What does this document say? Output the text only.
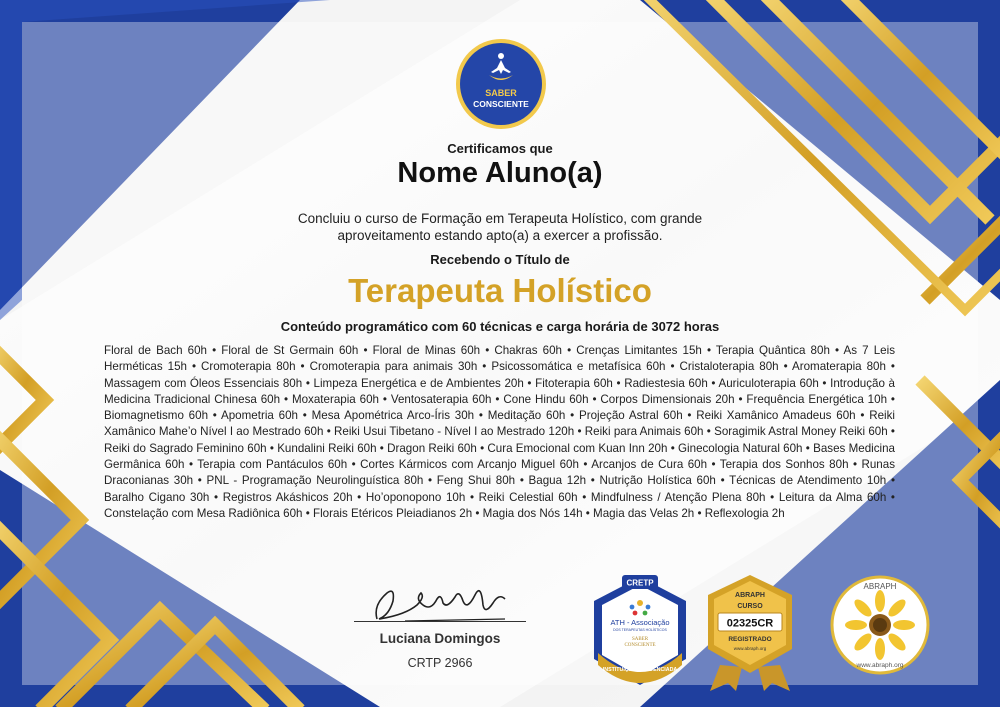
SABER
CONSCIENTE
Certificamos que
Nome Aluno(a)
Concluiu o curso de Formação em Terapeuta Holístico, com grande
aproveitamento estando apto(a) a exercer a profissão.
Recebendo o Título de
Terapeuta Holístico
Conteúdo programático com 60 técnicas e carga horária de 3072 horas
Floral de Bach 60h • Floral de St Germain 60h • Floral de Minas 60h • Chakras 60h • Crenças Limitantes 15h • Terapia Quântica 80h • As 7 Leis Herméticas 15h • Cromoterapia 80h • Cromoterapia para animais 30h • Psicossomática e metafísica 60h • Cristaloterapia 80h • Aromaterapia 80h • Massagem com Óleos Essenciais 80h • Limpeza Energética e de Ambientes 20h • Fitoterapia 60h • Radiestesia 60h • Auriculoterapia 60h • Introdução à Medicina Tradicional Chinesa 60h • Moxaterapia 60h • Ventosaterapia 60h • Cone Hindu 60h • Corpos Dimensionais 20h • Frequência Energética 10h • Biomagnetismo 60h • Apometria 60h • Mesa Apométrica Arco-Íris 30h • Meditação 60h • Projeção Astral 60h • Reiki Xamânico Amadeus 60h • Reiki Xamânico Mahe’o Nível I ao Mestrado 60h • Reiki Usui Tibetano - Nível I ao Mestrado 120h • Reiki para Animais 60h • Soragimik Astral Money Reiki 60h • Reiki do Sagrado Feminino 60h • Kundalini Reiki 60h • Dragon Reiki 60h • Cura Emocional com Kuan Inn 20h • Ginecologia Natural 60h • Bases Medicina Germânica 60h • Terapia com Pantáculos 60h • Cortes Kármicos com Arcanjo Miguel 60h • Arcanjos de Cura 60h • Terapia dos Sonhos 80h • Runas Draconianas 30h • PNL - Programação Neurolinguística 80h • Feng Shui 80h • Bagua 12h • Nutrição Holística 60h • Técnicas de Atendimento 10h • Baralho Cigano 30h • Registros Akáshicos 20h • Ho’oponopono 10h • Reiki Celestial 60h • Mindfulness / Atenção Plena 80h • Leitura da Alma 60h • Constelação com Mesa Radiônica 60h • Florais Etéricos Pleiadianos 2h • Magia dos Nós 14h • Magia das Velas 2h • Reflexologia 2h
Luciana Domingos
CRTP 2966
CRETP
ATH - Associação
DOS TERAPEUTAS HOLÍSTICOS
SABER
CONSCIENTE
INSTITUIÇÃO CREDENCIADA
ABRAPH
CURSO
02325CR
REGISTRADO
www.abraph.org
ABRAPH
www.abraph.org
